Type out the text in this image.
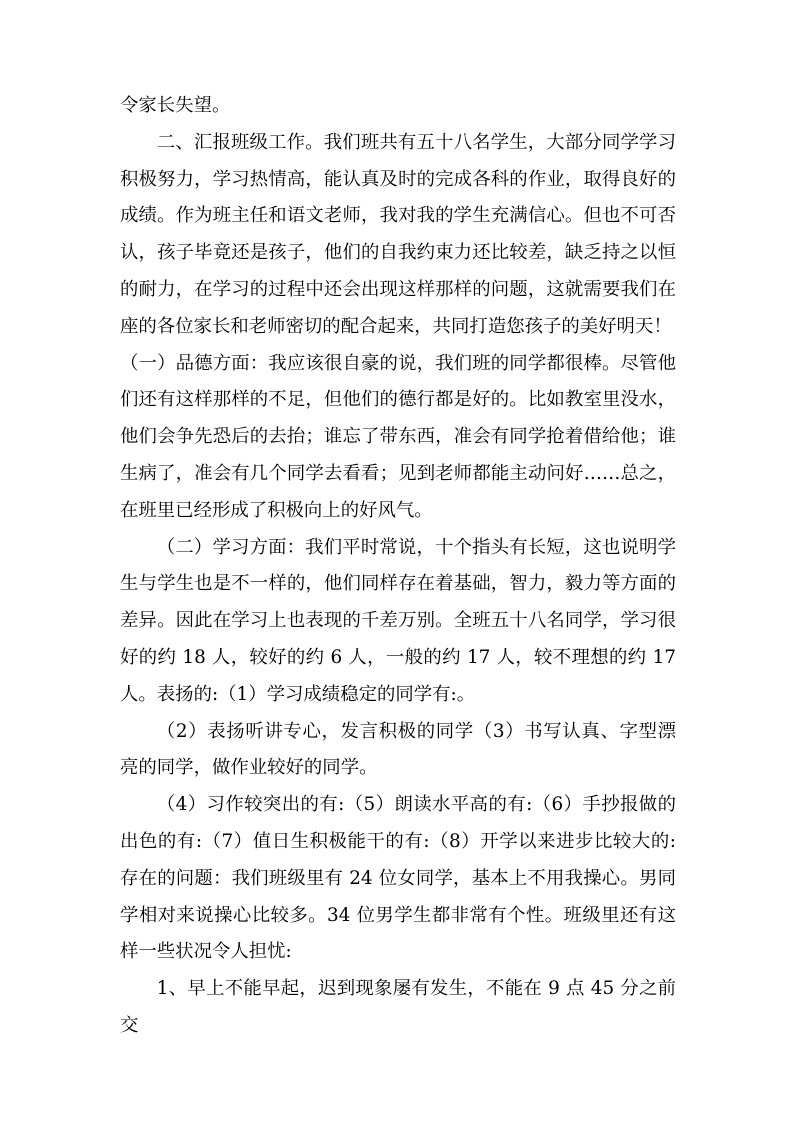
令家长失望。

二、汇报班级工作。我们班共有五十八名学生，大部分同学学习积极努力，学习热情高，能认真及时的完成各科的作业，取得良好的成绩。作为班主任和语文老师，我对我的学生充满信心。但也不可否认，孩子毕竟还是孩子，他们的自我约束力还比较差，缺乏持之以恒的耐力，在学习的过程中还会出现这样那样的问题，这就需要我们在座的各位家长和老师密切的配合起来，共同打造您孩子的美好明天！

（一）品德方面：我应该很自豪的说，我们班的同学都很棒。尽管他们还有这样那样的不足，但他们的德行都是好的。比如教室里没水，他们会争先恐后的去抬；谁忘了带东西，准会有同学抢着借给他；谁生病了，准会有几个同学去看看；见到老师都能主动问好……总之，在班里已经形成了积极向上的好风气。

（二）学习方面：我们平时常说，十个指头有长短，这也说明学生与学生也是不一样的，他们同样存在着基础，智力，毅力等方面的差异。因此在学习上也表现的千差万别。全班五十八名同学，学习很好的约 18 人，较好的约 6 人，一般的约 17 人，较不理想的约 17 人。表扬的:（1）学习成绩稳定的同学有:。

（2）表扬听讲专心，发言积极的同学（3）书写认真、字型漂亮的同学，做作业较好的同学。

（4）习作较突出的有:（5）朗读水平高的有:（6）手抄报做的出色的有:（7）值日生积极能干的有:（8）开学以来进步比较大的:存在的问题：我们班级里有 24 位女同学，基本上不用我操心。男同学相对来说操心比较多。34 位男学生都非常有个性。班级里还有这样一些状况令人担忧:

1、早上不能早起，迟到现象屡有发生，不能在 9 点 45 分之前交
